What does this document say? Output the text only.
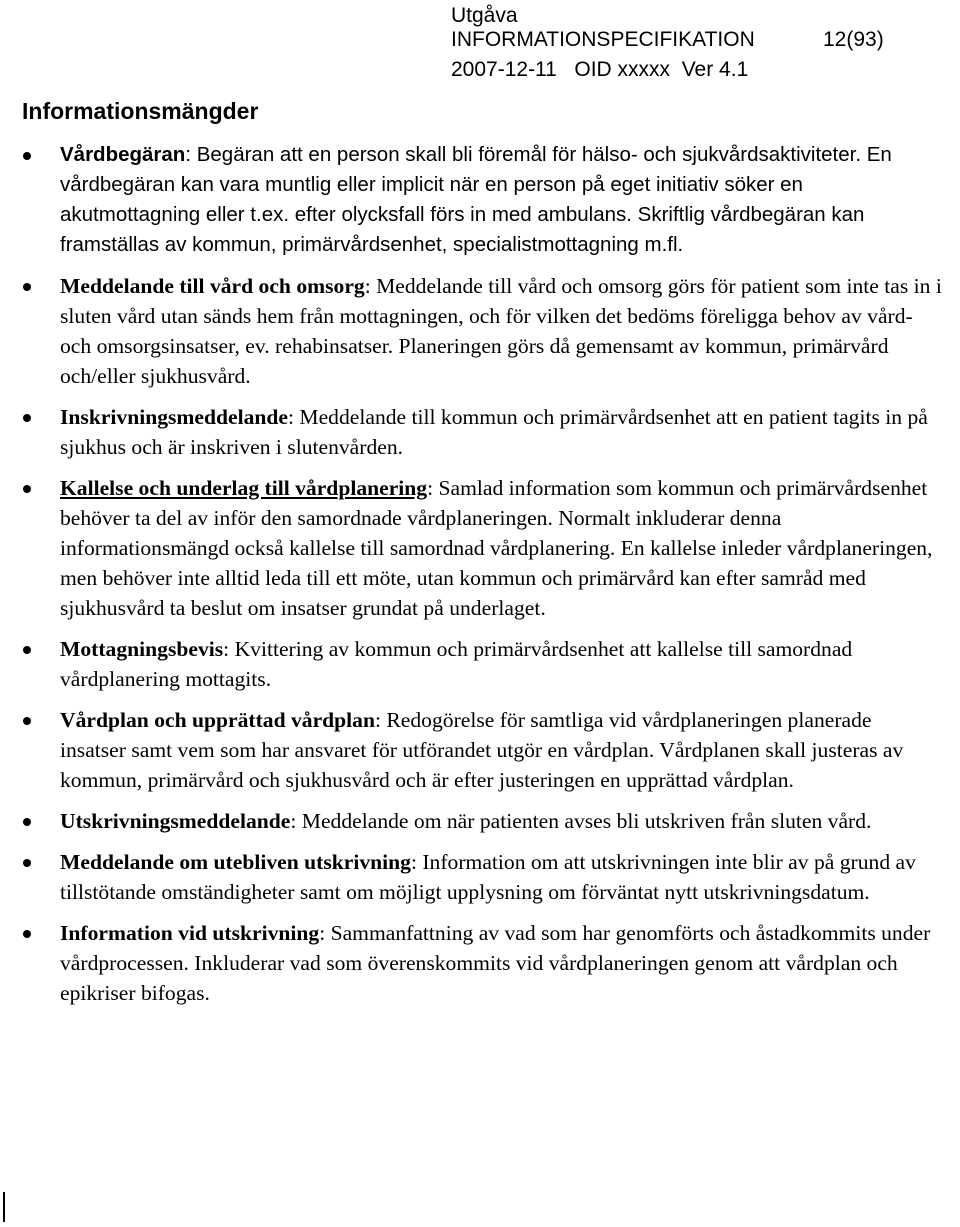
Utgåva
INFORMATIONSPECIFIKATION	12(93)
2007-12-11   OID xxxxx  Ver 4.1
Informationsmängder
Vårdbegäran: Begäran att en person skall bli föremål för hälso- och sjukvårdsaktiviteter. En vårdbegäran kan vara muntlig eller implicit när en person på eget initiativ söker en akutmottagning eller t.ex. efter olycksfall förs in med ambulans. Skriftlig vårdbegäran kan framställas av kommun, primärvårdsenhet, specialistmottagning m.fl.
Meddelande till vård och omsorg: Meddelande till vård och omsorg görs för patient som inte tas in i sluten vård utan sänds hem från mottagningen, och för vilken det bedöms föreligga behov av vård- och omsorgsinsatser, ev. rehabinsatser. Planeringen görs då gemensamt av kommun, primärvård och/eller sjukhusvård.
Inskrivningsmeddelande: Meddelande till kommun och primärvårdsenhet att en patient tagits in på sjukhus och är inskriven i slutenvården.
Kallelse och underlag till vårdplanering: Samlad information som kommun och primärvårdsenhet behöver ta del av inför den samordnade vårdplaneringen. Normalt inkluderar denna informationsmängd också kallelse till samordnad vårdplanering. En kallelse inleder vårdplaneringen, men behöver inte alltid leda till ett möte, utan kommun och primärvård kan efter samråd med sjukhusvård ta beslut om insatser grundat på underlaget.
Mottagningsbevis: Kvittering av kommun och primärvårdsenhet att kallelse till samordnad vårdplanering mottagits.
Vårdplan och upprättad vårdplan: Redogörelse för samtliga vid vårdplaneringen planerade insatser samt vem som har ansvaret för utförandet utgör en vårdplan. Vårdplanen skall justeras av kommun, primärvård och sjukhusvård och är efter justeringen en upprättad vårdplan.
Utskrivningsmeddelande: Meddelande om när patienten avses bli utskriven från sluten vård.
Meddelande om utebliven utskrivning: Information om att utskrivningen inte blir av på grund av tillstötande omständigheter samt om möjligt upplysning om förväntat nytt utskrivningsdatum.
Information vid utskrivning: Sammanfattning av vad som har genomförts och åstadkommits under vårdprocessen. Inkluderar vad som överenskommits vid vårdplaneringen genom att vårdplan och epikriser bifogas.
